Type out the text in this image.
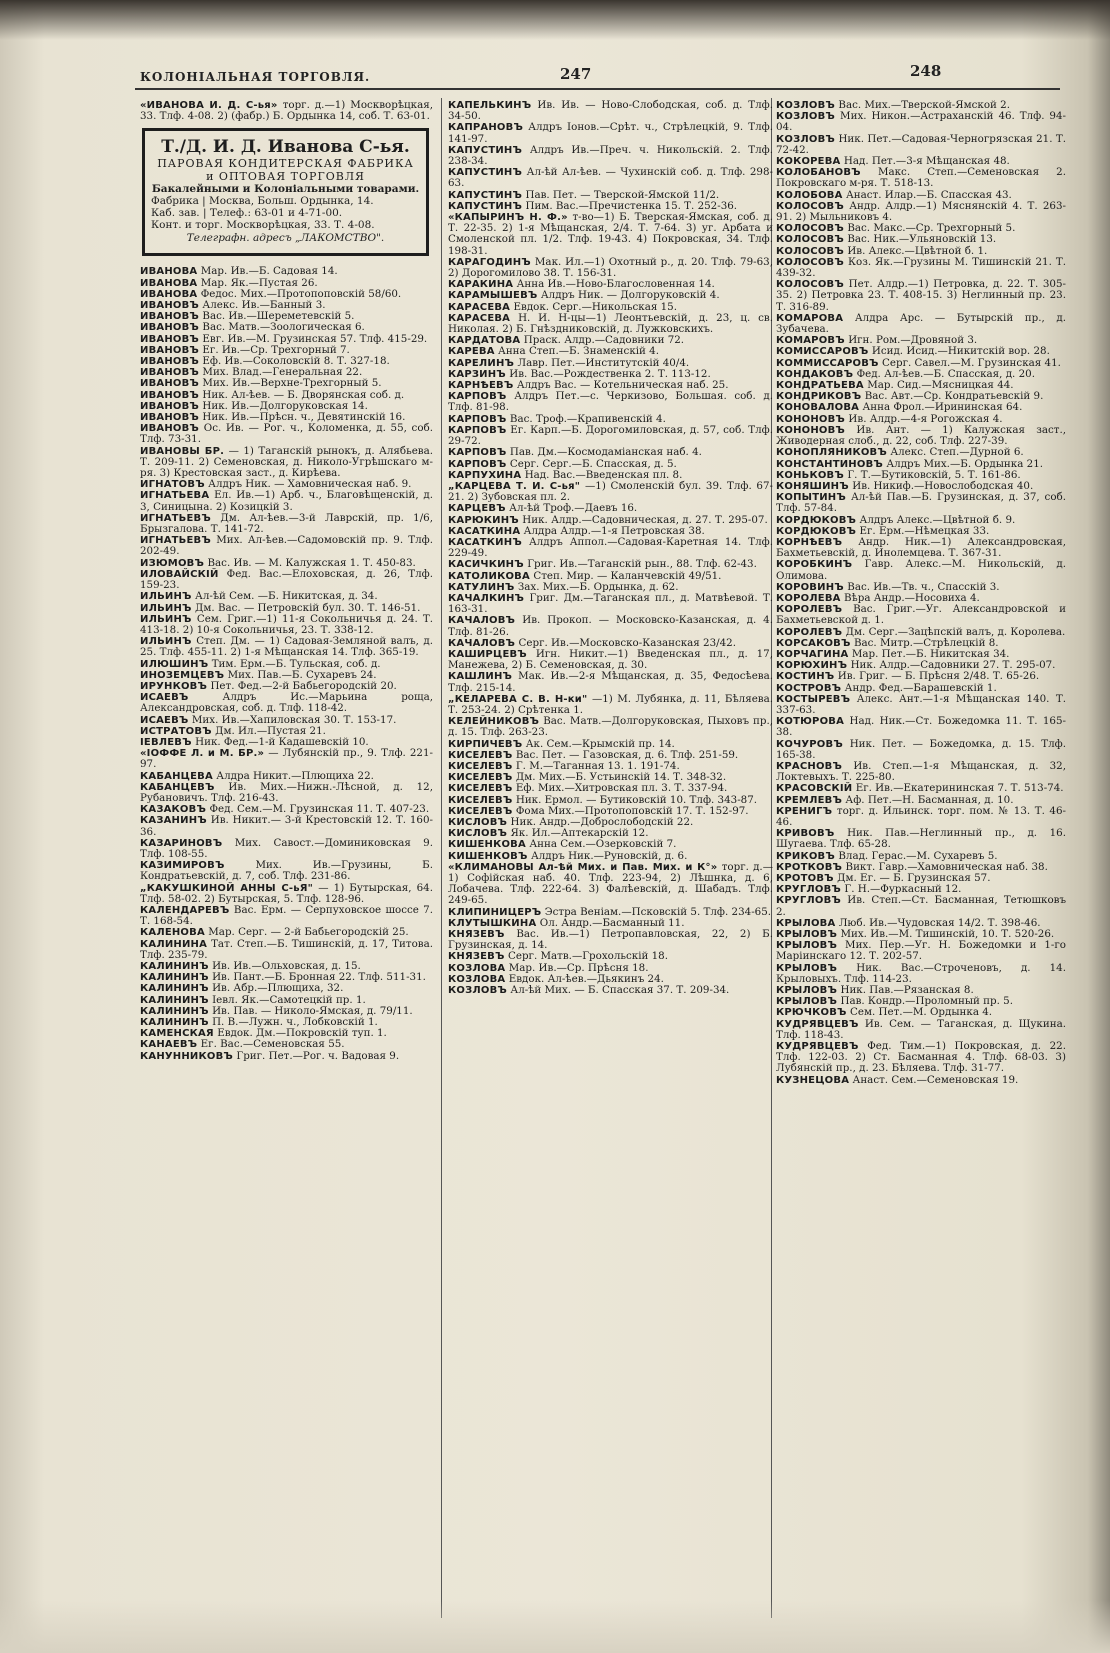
КОЛОНІАЛЬНАЯ ТОРГОВЛЯ.	247	248

«ИВАНОВА И. Д. С-ья» торг. д.—1) Москворѣцкая, 33. Тлф. 4-08. 2) (фабр.) Б. Ордынка 14, соб. Т. 63-01.

Т./Д. И. Д. Иванова С-ья.
ПАРОВАЯ КОНДИТЕРСКАЯ ФАБРИКА
и ОПТОВАЯ ТОРГОВЛЯ
Бакалейными и Колоніальными товарами.
Фабрика | Москва, Больш. Ордынка, 14.
Каб. зав. | Телеф.: 63-01 и 4-71-00.
Конт. и торг. Москворѣцкая, 33. Т. 4-08.
Телеграфн. адресъ „ЛАКОМСТВО".

ИВАНОВА Мар. Ив.—Б. Садовая 14.

ИВАНОВА Мар. Як.—Пустая 26.

ИВАНОВА Федос. Мих.—Протопоповскій 58/60.

ИВАНОВЪ Алекс. Ив.—Банный 3.

ИВАНОВЪ Вас. Ив.—Шереметевскій 5.

ИВАНОВЪ Вас. Матв.—Зоологическая 6.

ИВАНОВЪ Евг. Ив.—М. Грузинская 57. Тлф. 415-29.

ИВАНОВЪ Ег. Ив.—Ср. Трехгорный 7.

ИВАНОВЪ Еф. Ив.—Соколовскій 8. Т. 327-18.

ИВАНОВЪ Мих. Влад.—Генеральная 22.

ИВАНОВЪ Мих. Ив.—Верхне-Трехгорный 5.

ИВАНОВЪ Ник. Ал-ѣев. — Б. Дворянская соб. д.

ИВАНОВЪ Ник. Ив.—Долгоруковская 14.

ИВАНОВЪ Ник. Ив.—Прѣсн. ч., Девятинскій 16.

ИВАНОВЪ Ос. Ив. — Рог. ч., Коломенка, д. 55, соб. Тлф. 73-31.

ИВАНОВЫ БР. — 1) Таганскій рынокъ, д. Алябьева. Т. 209-11. 2) Семеновская, д. Николо-Угрѣшскаго м-ря. 3) Крестовская заст., д. Кирѣева.

ИГНАТОВЪ Алдръ Ник. — Хамовническая наб. 9.

ИГНАТЬЕВА Ел. Ив.—1) Арб. ч., Благовѣщенскій, д. 3, Синицына. 2) Козицкій 3.

ИГНАТЬЕВЪ Дм. Ал-ѣев.—3-й Лаврскій, пр. 1/6, Брызгалова. Т. 141-72.

ИГНАТЬЕВЪ Мих. Ал-ѣев.—Садомовскій пр. 9. Тлф. 202-49.

ИЗЮМОВЪ Вас. Ив. — М. Калужская 1. Т. 450-83.

ИЛОВАЙСКІЙ Фед. Вас.—Елоховская, д. 26, Тлф. 159-23.

ИЛЬИНЪ Ал-ѣй Сем. —Б. Никитская, д. 34.

ИЛЬИНЪ Дм. Вас. — Петровскій бул. 30. Т. 146-51.

ИЛЬИНЪ Сем. Григ.—1) 11-я Сокольничья д. 24. Т. 413-18. 2) 10-я Сокольничья, 23. Т. 338-12.

ИЛЬИНЪ Степ. Дм. — 1) Садовая-Земляной валъ, д. 25. Тлф. 455-11. 2) 1-я Мѣщанская 14. Тлф. 365-19.

ИЛЮШИНЪ Тим. Ерм.—Б. Тульская, соб. д.

ИНОЗЕМЦЕВЪ Мих. Пав.—Б. Сухаревъ 24.

ИРУНКОВЪ Пет. Фед.—2-й Бабьегородскій 20.

ИСАЕВЪ	Алдръ Ис.—Марьина роща, Александровская, соб. д. Тлф. 118-42.

ИСАЕВЪ Мих. Ив.—Хапиловская 30. Т. 153-17.

ИСТРАТОВЪ Дм. Ил.—Пустая 21.

ІЕВЛЕВЪ Ник. Фед.—1-й Кадашевскій 10.

«ІОФФЕ Л. и М. БР.» — Лубянскій пр., 9. Тлф. 221-97.

КАБАНЦЕВА Алдра Никит.—Плющиха 22.

КАБАНЦЕВЪ Ив. Мих.—Нижн.-Лѣсной, д. 12, Рубановичъ. Тлф. 216-43.

КАЗАКОВЪ Фед. Сем.—М. Грузинская 11. Т. 407-23.

КАЗАНИНЪ Ив. Никит.— 3-й Крестовскій 12. Т. 160-36.

КАЗАРИНОВЪ Мих. Савост.—Доминиковская 9. Тлф. 108-55.

КАЗИМИРОВЪ	Мих. Ив.—Грузины, Б. Кондратьевскій, д. 7, соб. Тлф. 231-86.

„КАКУШКИНОЙ АННЫ С-ьЯ" — 1) Бутырская, 64. Тлф. 58-02. 2) Бутырская, 5. Тлф. 128-96.

КАЛЕНДАРЕВЪ Вас. Ерм. — Серпуховское шоссе 7. Т. 168-54.

КАЛЕНОВА Мар. Серг. — 2-й Бабьегородскій 25.

КАЛИНИНА Тат. Степ.—Б. Тишинскій, д. 17, Титова. Тлф. 235-79.

КАЛИНИНЪ Ив. Ив.—Ольховская, д. 15.

КАЛИНИНЪ Ив. Пант.—Б. Бронная 22. Тлф. 511-31.

КАЛИНИНЪ Ив. Абр.—Плющиха, 32.

КАЛИНИНЪ Іевл. Як.—Самотецкій пр. 1.

КАЛИНИНЪ Ив. Пав. — Николо-Ямская, д. 79/11.

КАЛИНИНЪ П. В.—Лужн. ч., Лобковскій 1.

КАМЕНСКАЯ Евдок. Дм.—Покровскій туп. 1.

КАНАЕВЪ Ег. Вас.—Семеновская 55.

КАНУННИКОВЪ Григ. Пет.—Рог. ч. Вадовая 9.

КАПЕЛЬКИНЪ Ив. Ив. — Ново-Слободская, соб. д. Тлф. 34-50.

КАПРАНОВЪ Алдръ Іонов.—Срѣт. ч., Стрѣлецкій, 9. Тлф. 141-97.

КАПУСТИНЪ Алдръ Ив.—Преч. ч. Никольскій. 2. Тлф. 238-34.

КАПУСТИНЪ Ал-ѣй Ал-ѣев. — Чухинскій соб. д. Тлф. 298-63.

КАПУСТИНЪ Пав. Пет. — Тверской-Ямской 11/2.

КАПУСТИНЪ Пим. Вас.—Пречистенка 15. Т. 252-36.

«КАПЫРИНЪ Н. Ф.» т-во—1) Б. Тверская-Ямская, соб. д. Т. 22-35. 2) 1-я Мѣщанская, 2/4. Т. 7-64. 3) уг. Арбата и Смоленской пл. 1/2. Тлф. 19-43. 4) Покровская, 34. Тлф. 198-31.

КАРАГОДИНЪ Мак. Ил.—1) Охотный р., д. 20. Тлф. 79-63, 2) Дорогомилово 38. Т. 156-31.

КАРАКИНА Анна Ив.—Ново-Благословенная 14.

КАРАМЫШЕВЪ Алдръ Ник. — Долгоруковскій 4.

КАРАСЕВА Евдок. Серг.—Никольская 15.

КАРАСЕВА Н. И. Н-цы—1) Леонтьевскій, д. 23, ц. св. Николая. 2) Б. Гнѣздниковскій, д. Лужковскихъ.

КАРДАТОВА Праск. Алдр.—Садовники 72.

КАРЕВА Анна Степ.—Б. Знаменскій 4.

КАРЕЛИНЪ Лавр. Пет.—Институтскій 40/4.

КАРЗИНЪ Ив. Вас.—Рождественка 2. Т. 113-12.

КАРНѢЕВЪ Алдръ Вас. — Котельническая наб. 25.

КАРПОВЪ Алдръ Пет.—с. Черкизово, Большая. соб. д. Тлф. 81-98.

КАРПОВЪ Вас. Троф.—Крапивенскій 4.

КАРПОВЪ Ег. Карп.—Б. Дорогомиловская, д. 57, соб. Тлф. 29-72.

КАРПОВЪ Пав. Дм.—Космодаміанская наб. 4.

КАРПОВЪ Серг. Серг.—Б. Спасская, д. 5.

КАРПУХИНА Над. Вас.—Введенская пл. 8.

„КАРЦЕВА Т. И. С-ья" —1) Смоленскій бул. 39. Тлф. 67-21. 2) Зубовская пл. 2.

КАРЦЕВЪ Ал-ѣй Троф.—Даевъ 16.

КАРЮКИНЪ Ник. Алдр.—Садовническая, д. 27. Т. 295-07.

КАСАТКИНА Алдра Алдр.—1-я Петровская 38.

КАСАТКИНЪ Алдръ Аппол.—Садовая-Каретная 14. Тлф. 229-49.

КАСИЧКИНЪ Григ. Ив.—Таганскій рын., 88. Тлф. 62-43.

КАТОЛИКОВА Степ. Мир. — Каланчевскій 49/51.

КАТУЛИНЪ Зах. Мих.—Б. Ордынка, д. 62.

КАЧАЛКИНЪ Григ. Дм.—Таганская пл., д. Матвѣевой. Т. 163-31.

КАЧАЛОВЪ Ив. Прокоп. — Московско-Казанская, д. 4. Тлф. 81-26.

КАЧАЛОВЪ Серг. Ив.—Московско-Казанская 23/42.

КАШИРЦЕВЪ Игн. Никит.—1) Введенская пл., д. 17, Манежева, 2) Б. Семеновская, д. 30.

КАШЛИНЪ Мак. Ив.—2-я Мѣщанская, д. 35, Федосѣева. Тлф. 215-14.

„КЕЛАРЕВА С. В. Н-ки" —1) М. Лубянка, д. 11, Бѣляева. Т. 253-24. 2) Срѣтенка 1.

КЕЛЕЙНИКОВЪ Вас. Матв.—Долгоруковская, Пыховъ пр., д. 15. Тлф. 263-23.

КИРПИЧЕВЪ Ак. Сем.—Крымскій пр. 14.

КИСЕЛЕВЪ Вас. Пет. — Газовская, д. 6. Тлф. 251-59.

КИСЕЛЕВЪ Г. М.—Таганная 13. 1. 191-74.

КИСЕЛЕВЪ Дм. Мих.—Б. Устьинскій 14. Т. 348-32.

КИСЕЛЕВЪ Еф. Мих.—Хитровская пл. 3. Т. 337-94.

КИСЕЛЕВЪ Ник. Ермол. — Бутиковскій 10. Тлф. 343-87.

КИСЕЛЕВЪ Фома Мих.—Протопоповскій 17. Т. 152-97.

КИСЛОВЪ Ник. Андр.—Доброслободскій 22.

КИСЛОВЪ Як. Ил.—Аптекарскій 12.

КИШЕНКОВА Анна Сем.—Озерковскій 7.

КИШЕНКОВЪ Алдръ Ник.—Руновскій, д. 6.

«КЛИМАНОВЫ Ал-ѣй Мих. и Пав. Мих. и К°» торг. д.—1) Софійская наб. 40. Тлф. 223-94, 2) Лѣшнка, д. 6, Лобачева. Тлф. 222-64. 3) Фалѣевскій, д. Шабадъ. Тлф. 249-65.

КЛИПИНИЦЕРЪ Эстра Веніам.—Псковскій 5. Тлф. 234-65.

КЛУТЫШКИНА Ол. Андр.—Басманный 11.

КНЯЗЕВЪ Вас. Ив.—1) Петропавловская, 22, 2) Б. Грузинская, д. 14.

КНЯЗЕВЪ Серг. Матв.—Грохольскій 18.

КОЗЛОВА Мар. Ив.—Ср. Прѣсня 18.

КОЗЛОВА Евдок. Ал-ѣев.—Дьякинъ 24.

КОЗЛОВЪ Ал-ѣй Мих. — Б. Спасская 37. Т. 209-34.

КОЗЛОВЪ Вас. Мих.—Тверской-Ямской 2.

КОЗЛОВЪ Мих. Никон.—Астраханскій 46. Тлф. 94-04.

КОЗЛОВЪ Ник. Пет.—Садовая-Черногрязская 21. Т. 72-42.

КОКОРЕВА Над. Пет.—3-я Мѣщанская 48.

КОЛОБАНОВЪ Макс. Степ.—Семеновская 2. Покровскаго м-ря. Т. 518-13.

КОЛОБОВА Анаст. Илар.—Б. Спасская 43.

КОЛОСОВЪ Андр. Алдр.—1) Мяснянскій 4. Т. 263-91. 2) Мыльниковъ 4.

КОЛОСОВЪ Вас. Макс.—Ср. Трехгорный 5.

КОЛОСОВЪ Вас. Ник.—Ульяновскій 13.

КОЛОСОВЪ Ив. Алекс.—Цвѣтной б. 1.

КОЛОСОВЪ Коз. Як.—Грузины М. Тишинскій 21. Т. 439-32.

КОЛОСОВЪ Пет. Алдр.—1) Петровка, д. 22. Т. 305-35. 2) Петровка 23. Т. 408-15. 3) Неглинный пр. 23. Т. 316-89.

КОМАРОВА Алдра Арс. — Бутырскій пр., д. Зубачева.

КОМАРОВЪ Игн. Ром.—Дровяной 3.

КОМИССАРОВЪ Исид. Исид.—Никитскій вор. 28.

КОММИССАРОВЪ Серг. Савел.—М. Грузинская 41.

КОНДАКОВЪ Фед. Ал-ѣев.—Б. Спасская, д. 20.

КОНДРАТЬЕВА Мар. Сид.—Мясницкая 44.

КОНДРИКОВЪ Вас. Авт.—Ср. Кондратьевскій 9.

КОНОВАЛОВА Анна Фрол.—Ирининская 64.

КОНОНОВЪ Ив. Алдр.—4-я Рогожская 4.

КОНОНОВЪ Ив. Ант. — 1) Калужская заст., Живодерная слоб., д. 22, соб. Тлф. 227-39.

КОНОПЛЯНИКОВЪ Алекс. Степ.—Дурной 6.

КОНСТАНТИНОВЪ Алдръ Мих.—Б. Ордынка 21.

КОНЬКОВЪ Г. Т.—Бутиковскій, 5. Т. 161-86.

КОНЯШИНЪ Ив. Никиф.—Новослободская 40.

КОПЫТИНЪ Ал-ѣй Пав.—Б. Грузинская, д. 37, соб. Тлф. 57-84.

КОРДЮКОВЪ Алдръ Алекс.—Цвѣтной б. 9.

КОРДЮКОВЪ Ег. Ерм.—Нѣмецкая 33.

КОРНѢЕВЪ Андр. Ник.—1) Александровская, Бахметьевскій, д. Инолемцева. Т. 367-31.

КОРОБКИНЪ Гавр. Алекс.—М. Никольскій, д. Олимова.

КОРОВИНЪ Вас. Ив.—Тв. ч., Спасскій 3.

КОРОЛЕВА Вѣра Андр.—Носовиха 4.

КОРОЛЕВЪ Вас. Григ.—Уг. Александровской и Бахметьевской д. 1.

КОРОЛЕВЪ Дм. Серг.—Зацѣпскій валъ, д. Королева.

КОРСАКОВЪ Вас. Митр.—Стрѣлецкій 8.

КОРЧАГИНА Мар. Пет.—Б. Никитская 34.

КОРЮХИНЪ Ник. Алдр.—Садовники 27. Т. 295-07.

КОСТИНЪ Ив. Григ. — Б. Прѣсня 2/48. Т. 65-26.

КОСТРОВЪ Андр. Фед.—Барашевскій 1.

КОСТЫРЕВЪ Алекс. Ант.—1-я Мѣщанская 140. Т. 337-63.

КОТЮРОВА Над. Ник.—Ст. Божедомка 11. Т. 165-38.

КОЧУРОВЪ Ник. Пет. — Божедомка, д. 15. Тлф. 165-38.

КРАСНОВЪ Ив. Степ.—1-я Мѣщанская, д. 32, Локтевыхъ. Т. 225-80.

КРАСОВСКІЙ Ег. Ив.—Екатерининская 7. Т. 513-74.

КРЕМЛЕВЪ Аф. Пет.—Н. Басманная, д. 10.

КРЕНИГЪ торг. д. Ильинск. торг. пом. № 13. Т. 46-46.

КРИВОВЪ Ник. Пав.—Неглинный пр., д. 16. Шугаева. Тлф. 65-28.

КРИКОВЪ Влад. Герас.—М. Сухаревъ 5.

КРОТКОВЪ Викт. Гавр.—Хамовническая наб. 38.

КРОТОВЪ Дм. Ег. — Б. Грузинская 57.

КРУГЛОВЪ Г. Н.—Фуркасный 12.

КРУГЛОВЪ Ив. Степ.—Ст. Басманная, Тетюшковъ 2.

КРЫЛОВА Люб. Ив.—Чудовская 14/2. Т. 398-46.

КРЫЛОВЪ Мих. Ив.—М. Тишинскій, 10. Т. 520-26.

КРЫЛОВЪ Мих. Пер.—Уг. Н. Божедомки и 1-го Маріинскаго 12. Т. 202-57.

КРЫЛОВЪ Ник. Вас.—Строченовъ, д. 14. Крыловыхъ. Тлф. 114-23.

КРЫЛОВЪ Ник. Пав.—Рязанская 8.

КРЫЛОВЪ Пав. Кондр.—Проломный пр. 5.

КРЮЧКОВЪ Сем. Пет.—М. Ордынка 4.

КУДРЯВЦЕВЪ Ив. Сем. — Таганская, д. Щукина. Тлф. 118-43.

КУДРЯВЦЕВЪ Фед. Тим.—1) Покровская, д. 22. Тлф. 122-03. 2) Ст. Басманная 4. Тлф. 68-03. 3) Лубянскій пр., д. 23. Бѣляева. Тлф. 31-77.

КУЗНЕЦОВА Анаст. Сем.—Семеновская 19.
